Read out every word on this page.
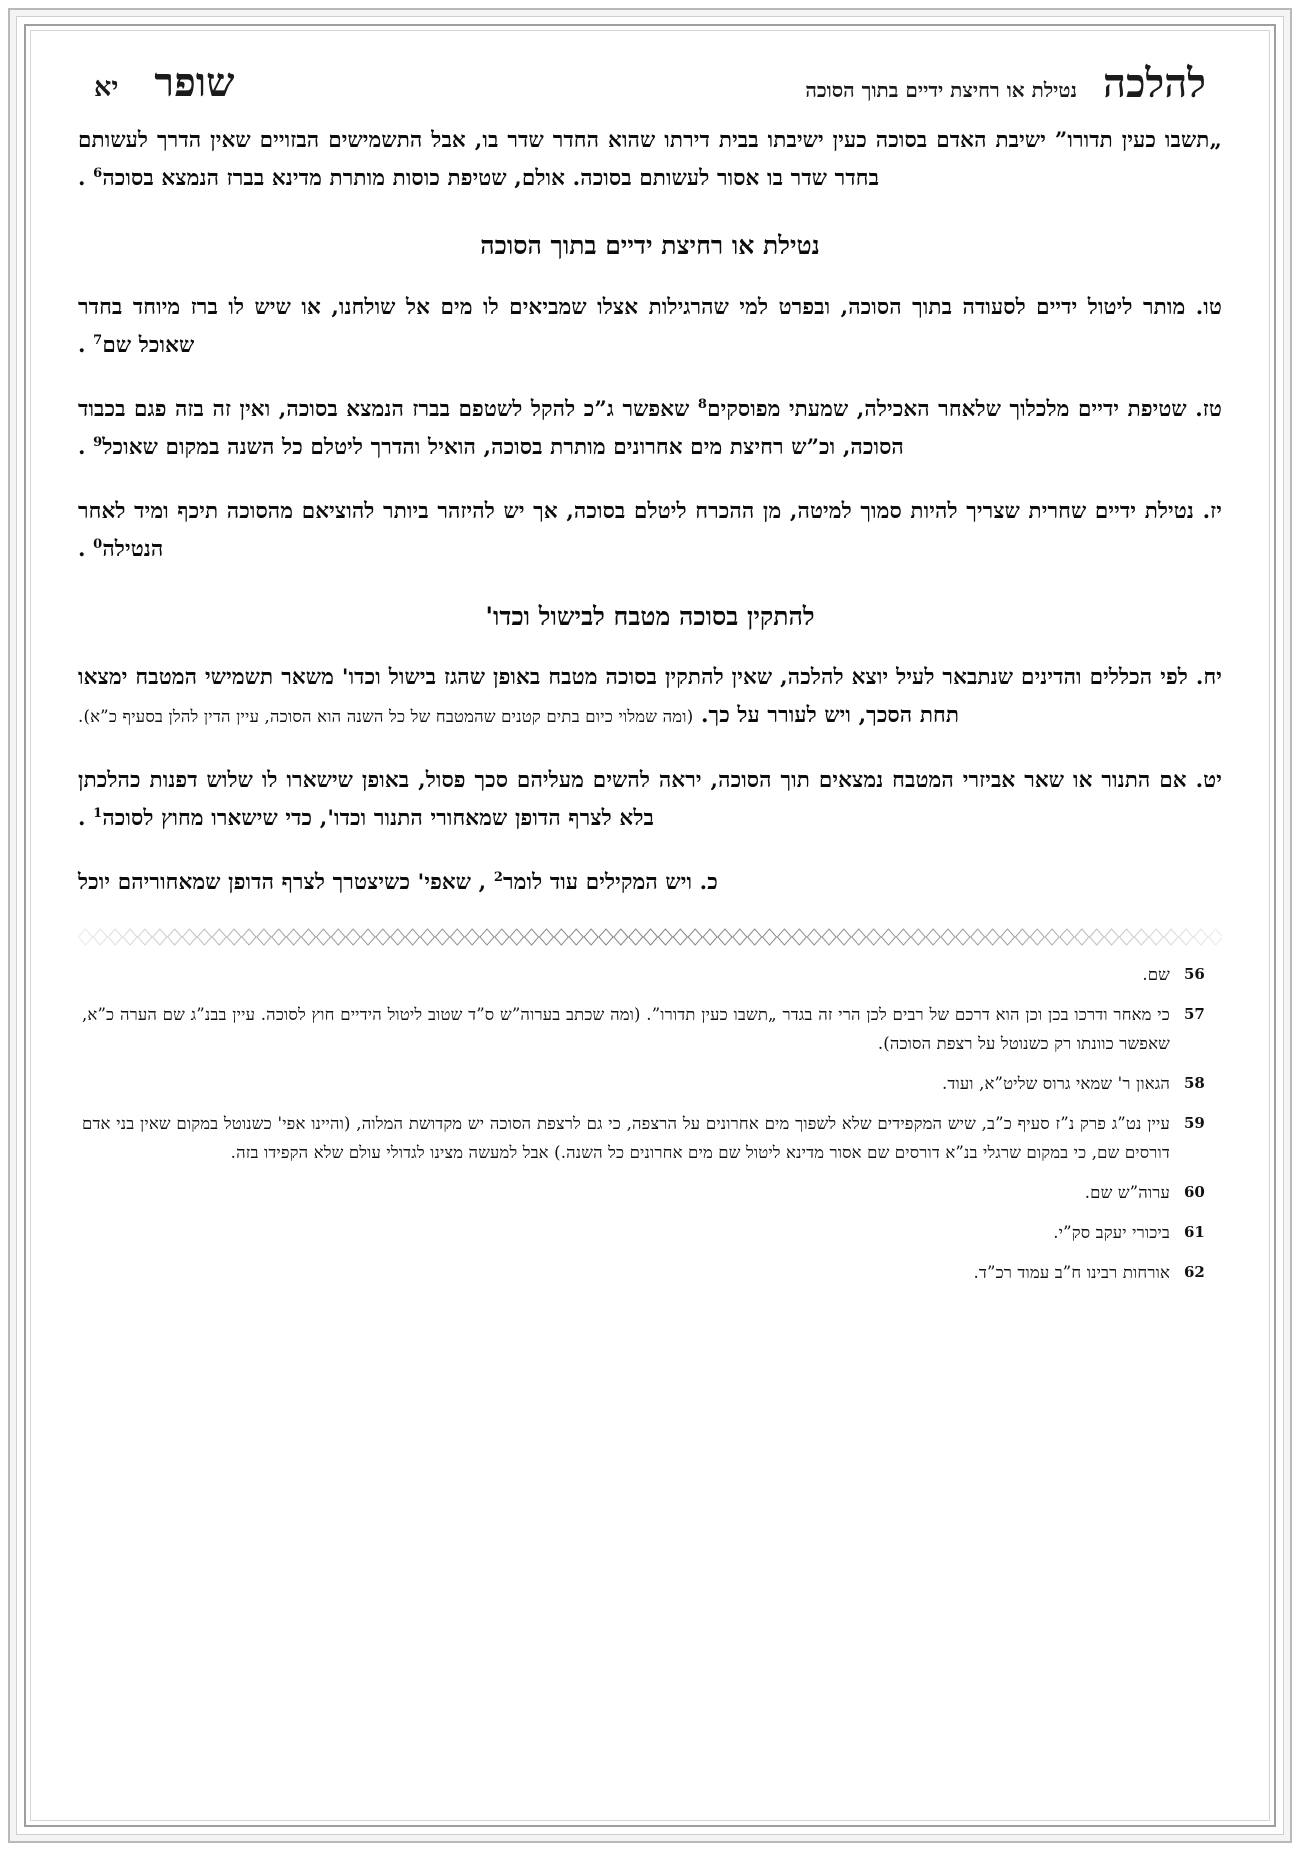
להלכה
נטילת או רחיצת ידיים בתוך הסוכה
שופר
יא

„תשבו כעין תדורו” ישיבת האדם בסוכה כעין ישיבתו בבית דירתו שהוא החדר שדר בו, אבל התשמישים הבזויים שאין הדרך לעשותם בחדר שדר בו אסור לעשותם בסוכה. אולם, שטיפת כוסות מותרת מדינא בברז הנמצא בסוכה$^6$ .

נטילת או רחיצת ידיים בתוך הסוכה

טו. מותר ליטול ידיים לסעודה בתוך הסוכה, ובפרט למי שהרגילות אצלו שמביאים לו מים אל שולחנו, או שיש לו ברז מיוחד בחדר שאוכל שם$^7$ .

טז. שטיפת ידיים מלכלוך שלאחר האכילה, שמעתי מפוסקים$^8$ שאפשר ג”כ להקל לשטפם בברז הנמצא בסוכה, ואין זה בזה פגם בכבוד הסוכה, וכ”ש רחיצת מים אחרונים מותרת בסוכה, הואיל והדרך ליטלם כל השנה במקום שאוכל$^9$ .

יז. נטילת ידיים שחרית שצריך להיות סמוך למיטה, מן ההכרח ליטלם בסוכה, אך יש להיזהר ביותר להוציאם מהסוכה תיכף ומיד לאחר הנטילה$^0$ .

להתקין בסוכה מטבח לבישול וכדו'

יח. לפי הכללים והדינים שנתבאר לעיל יוצא להלכה, שאין להתקין בסוכה מטבח באופן שהגז בישול וכדו' משאר תשמישי המטבח ימצאו תחת הסכך, ויש לעורר על כך. (ומה שמלוי כיום בתים קטנים שהמטבח של כל השנה הוא הסוכה, עיין הדין להלן בסעיף כ”א).

יט. אם התנור או שאר אביזרי המטבח נמצאים תוך הסוכה, יראה להשים מעליהם סכך פסול, באופן שישארו לו שלוש דפנות כהלכתן בלא לצרף הדופן שמאחורי התנור וכדו', כדי שישארו מחוץ לסוכה$^1$ .

כ. ויש המקילים עוד לומר$^2$ , שאפי' כשיצטרך לצרף הדופן שמאחוריהם יוכל

56
שם.
57
כי מאחר ודרכו בכן וכן הוא דרכם של רבים לכן הרי זה בגדר „תשבו כעין תדורו”. (ומה שכתב בערוה”ש ס”ד שטוב ליטול הידיים חוץ לסוכה. עיין בבנ”ג שם הערה כ”א, שאפשר כוונתו רק כשנוטל על רצפת הסוכה).
58
הגאון ר' שמאי גרוס שליט”א, ועוד.
59
עיין נט”ג פרק נ”ז סעיף כ”ב, שיש המקפידים שלא לשפוך מים אחרונים על הרצפה, כי גם לרצפת הסוכה יש מקדושת המלוה, (והיינו אפי' כשנוטל במקום שאין בני אדם דורסים שם, כי במקום שרגלי בנ”א דורסים שם אסור מדינא ליטול שם מים אחרונים כל השנה.) אבל למעשה מצינו לגדולי עולם שלא הקפידו בזה.
60
ערוה”ש שם.
61
ביכורי יעקב סק”י.
62
אורחות רבינו ח”ב עמוד רכ”ד.
